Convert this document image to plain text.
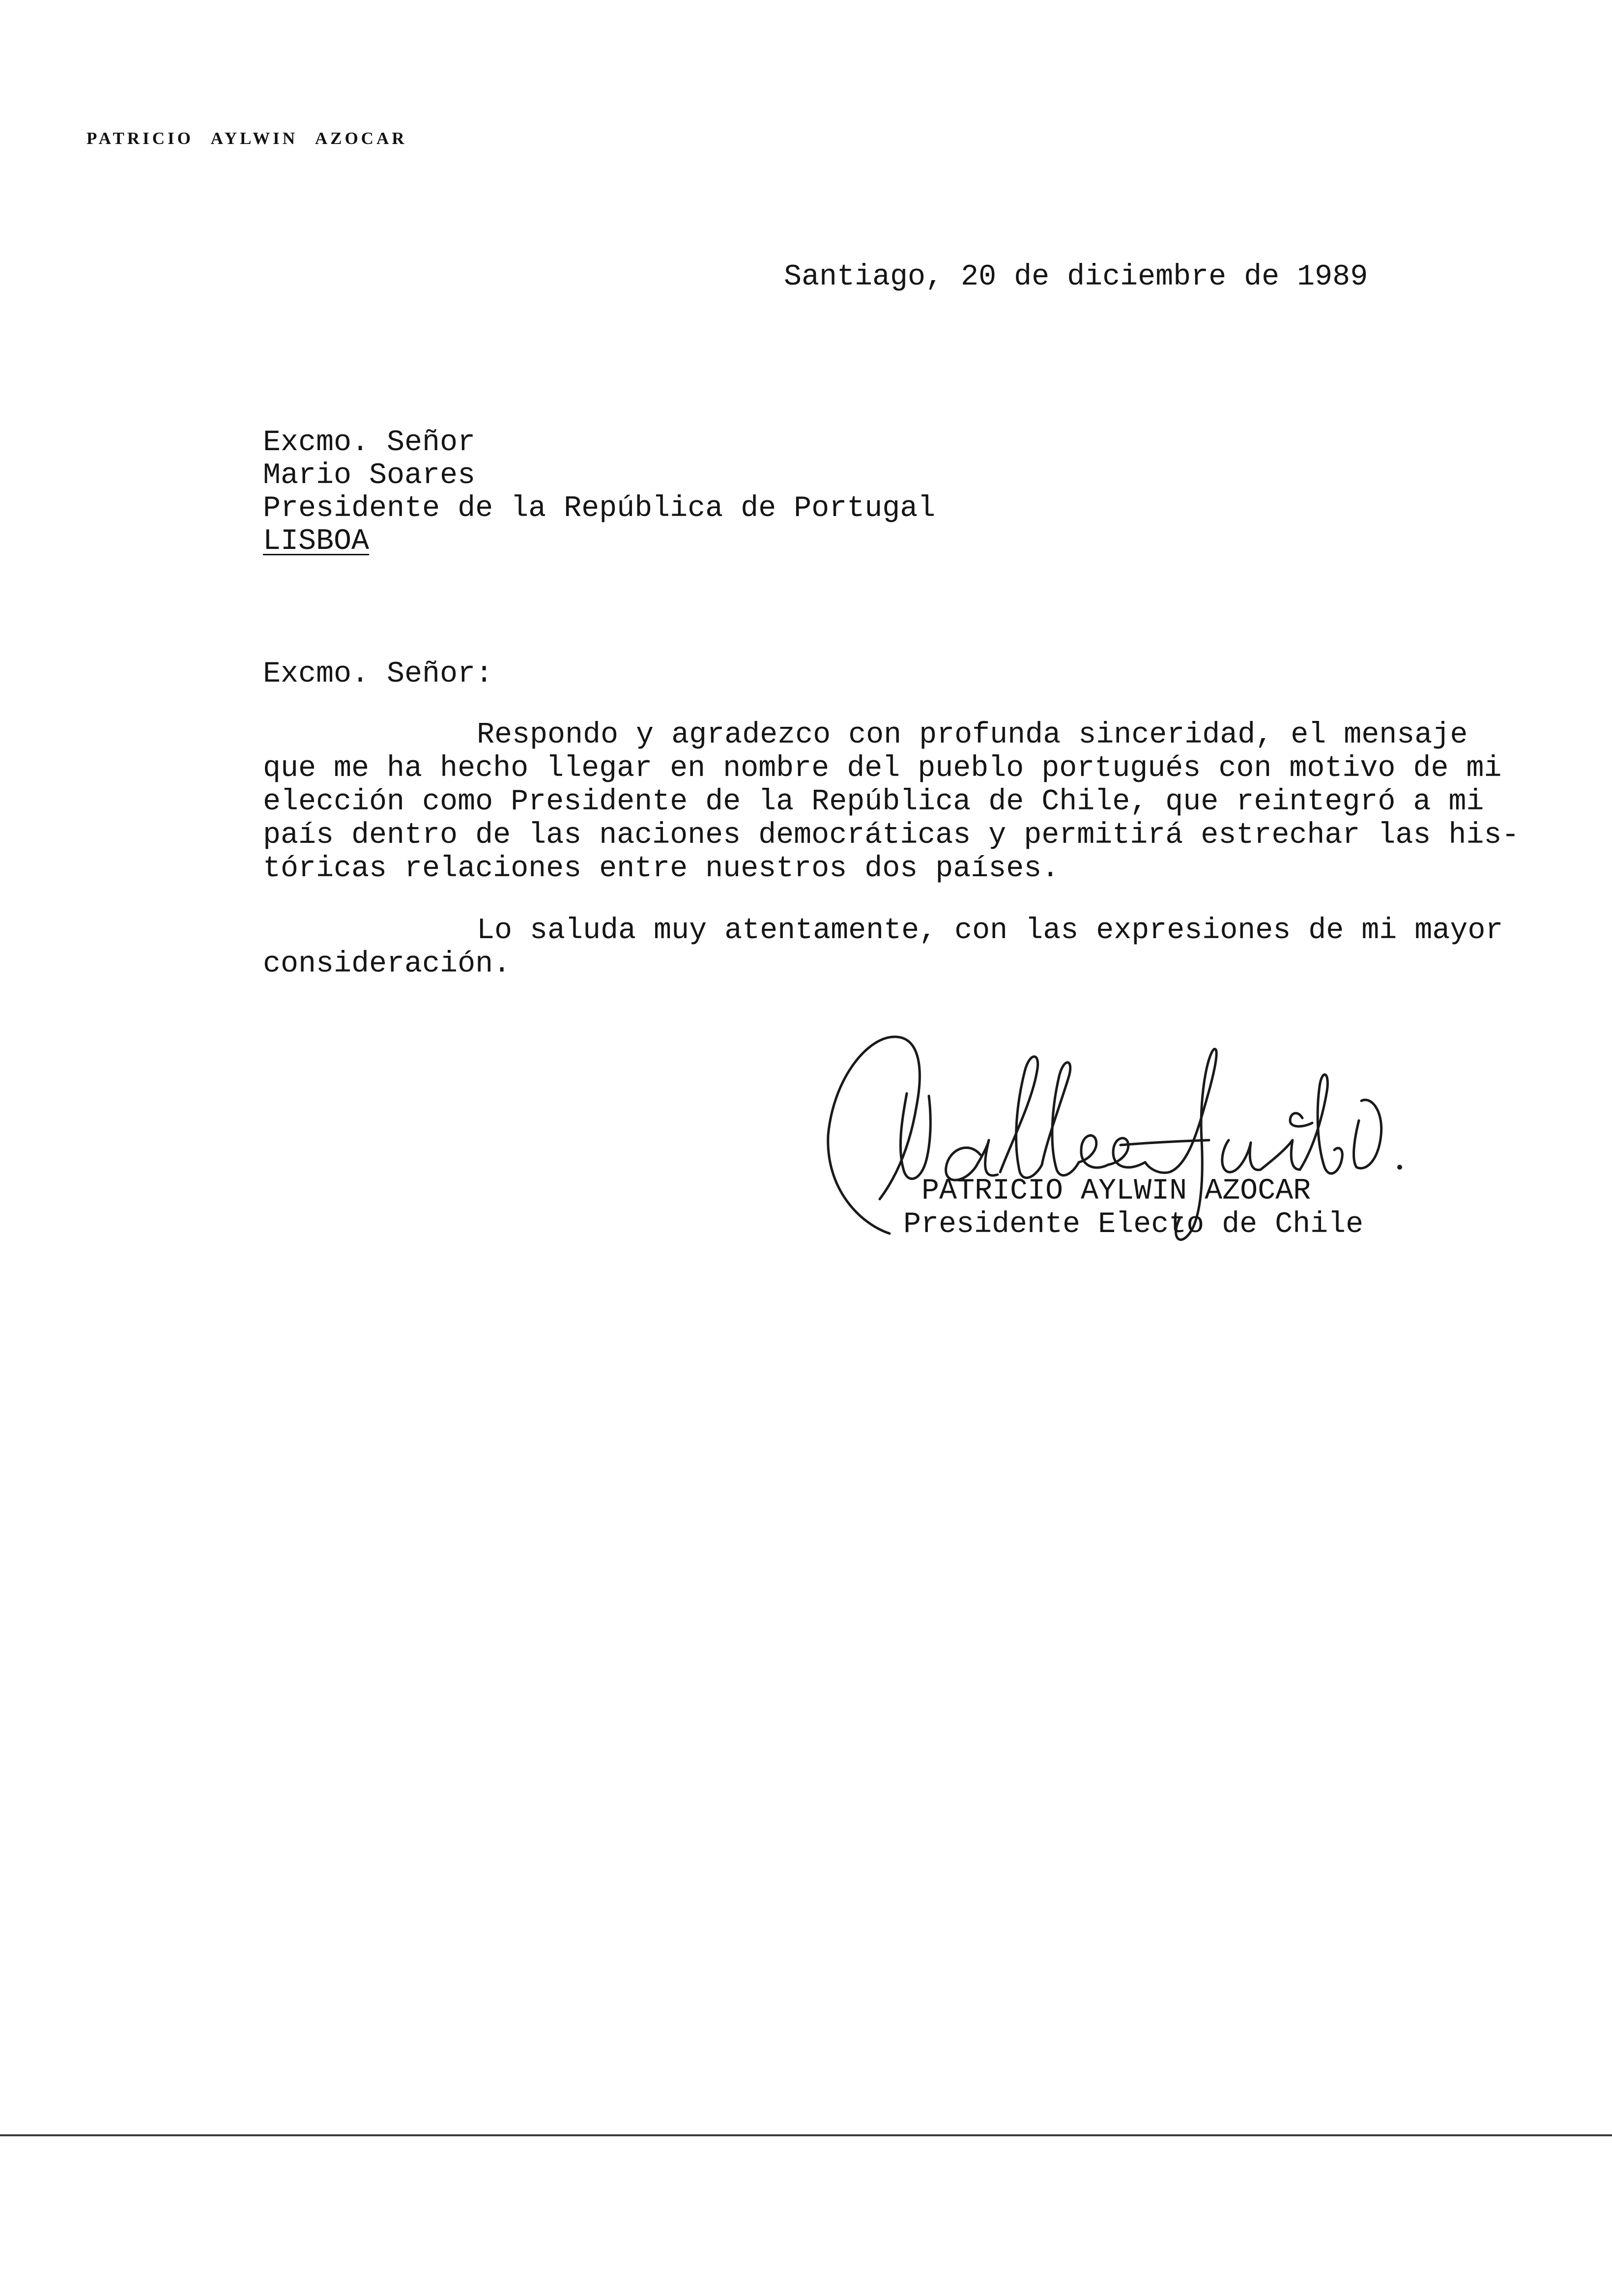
PATRICIO AYLWIN AZOCAR
Santiago, 20 de diciembre de 1989
Excmo. Señor
Mario Soares
Presidente de la República de Portugal
LISBOA
Excmo. Señor:
Respondo y agradezco con profunda sinceridad, el mensaje
que me ha hecho llegar en nombre del pueblo portugués con motivo de mi
elección como Presidente de la República de Chile, que reintegró a mi
país dentro de las naciones democráticas y permitirá estrechar las his-
tóricas relaciones entre nuestros dos países.
Lo saluda muy atentamente, con las expresiones de mi mayor
consideración.
PATRICIO AYLWIN AZOCAR
Presidente Electo de Chile
